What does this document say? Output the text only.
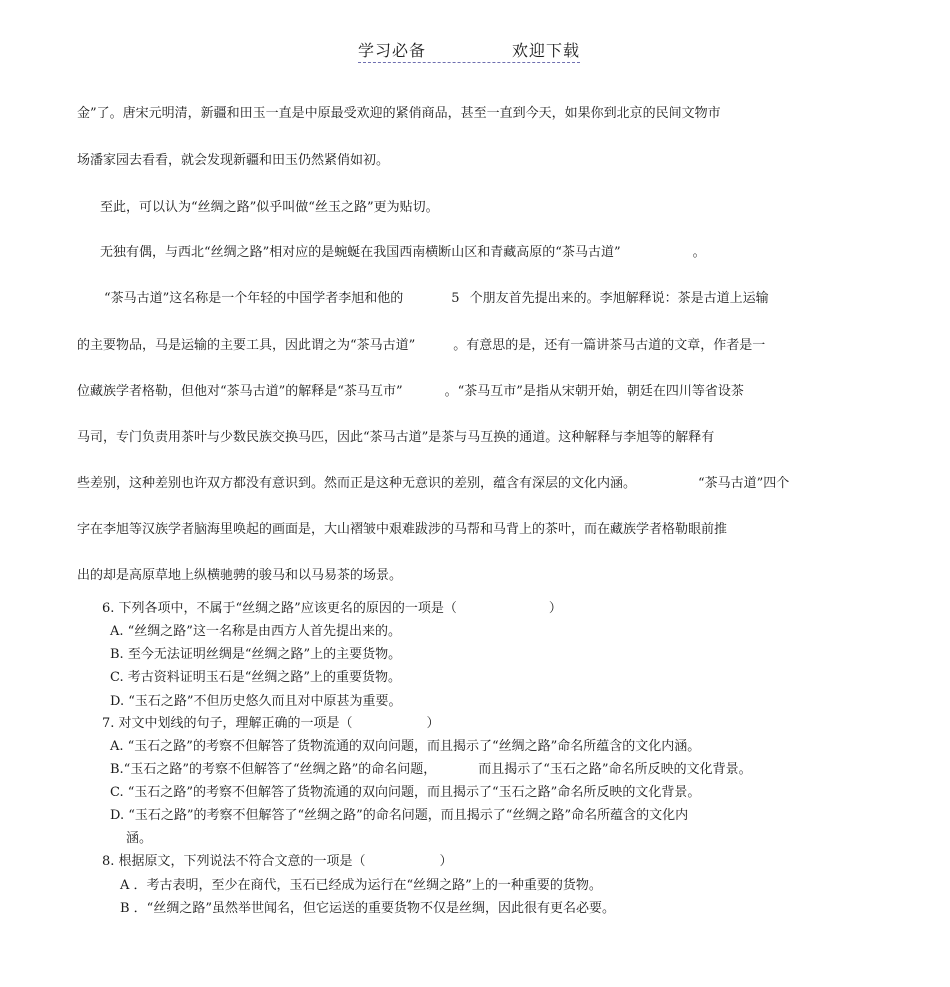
学习必备	欢迎下载
金”了。唐宋元明清，新疆和田玉一直是中原最受欢迎的紧俏商品，甚至一直到今天，如果你到北京的民间文物市
场潘家园去看看，就会发现新疆和田玉仍然紧俏如初。
至此，可以认为“丝绸之路”似乎叫做“丝玉之路”更为贴切。
无独有偶，与西北“丝绸之路”相对应的是蜿蜒在我国西南横断山区和青藏高原的“茶马古道”	。
“茶马古道”这名称是一个年轻的中国学者李旭和他的	5 个朋友首先提出来的。李旭解释说：茶是古道上运输
的主要物品，马是运输的主要工具，因此谓之为“茶马古道”	。有意思的是，还有一篇讲茶马古道的文章，作者是一
位藏族学者格勒，但他对“茶马古道”的解释是“茶马互市”	。“茶马互市”是指从宋朝开始，朝廷在四川等省设茶
马司，专门负责用茶叶与少数民族交换马匹，因此“茶马古道”是茶与马互换的通道。这种解释与李旭等的解释有
些差别，这种差别也许双方都没有意识到。然而正是这种无意识的差别，蕴含有深层的文化内涵。	“茶马古道”四个
字在李旭等汉族学者脑海里唤起的画面是，大山褶皱中艰难跋涉的马帮和马背上的茶叶，而在藏族学者格勒眼前推
出的却是高原草地上纵横驰骋的骏马和以马易茶的场景。
6. 下列各项中，不属于“丝绸之路”应该更名的原因的一项是（	）
A. “丝绸之路”这一名称是由西方人首先提出来的。
B. 至今无法证明丝绸是“丝绸之路”上的主要货物。
C. 考古资料证明玉石是“丝绸之路”上的重要货物。
D. “玉石之路”不但历史悠久而且对中原甚为重要。
7. 对文中划线的句子，理解正确的一项是（	）
A. “玉石之路”的考察不但解答了货物流通的双向问题，而且揭示了“丝绸之路”命名所蕴含的文化内涵。
B.“玉石之路”的考察不但解答了“丝绸之路”的命名问题，	而且揭示了“玉石之路”命名所反映的文化背景。
C. “玉石之路”的考察不但解答了货物流通的双向问题，而且揭示了“玉石之路”命名所反映的文化背景。
D. “玉石之路”的考察不但解答了“丝绸之路”的命名问题，而且揭示了“丝绸之路”命名所蕴含的文化内
涵。
8. 根据原文，下列说法不符合文意的一项是（	）
A ．考古表明，至少在商代，玉石已经成为运行在“丝绸之路”上的一种重要的货物。
B ．“丝绸之路”虽然举世闻名，但它运送的重要货物不仅是丝绸，因此很有更名必要。
